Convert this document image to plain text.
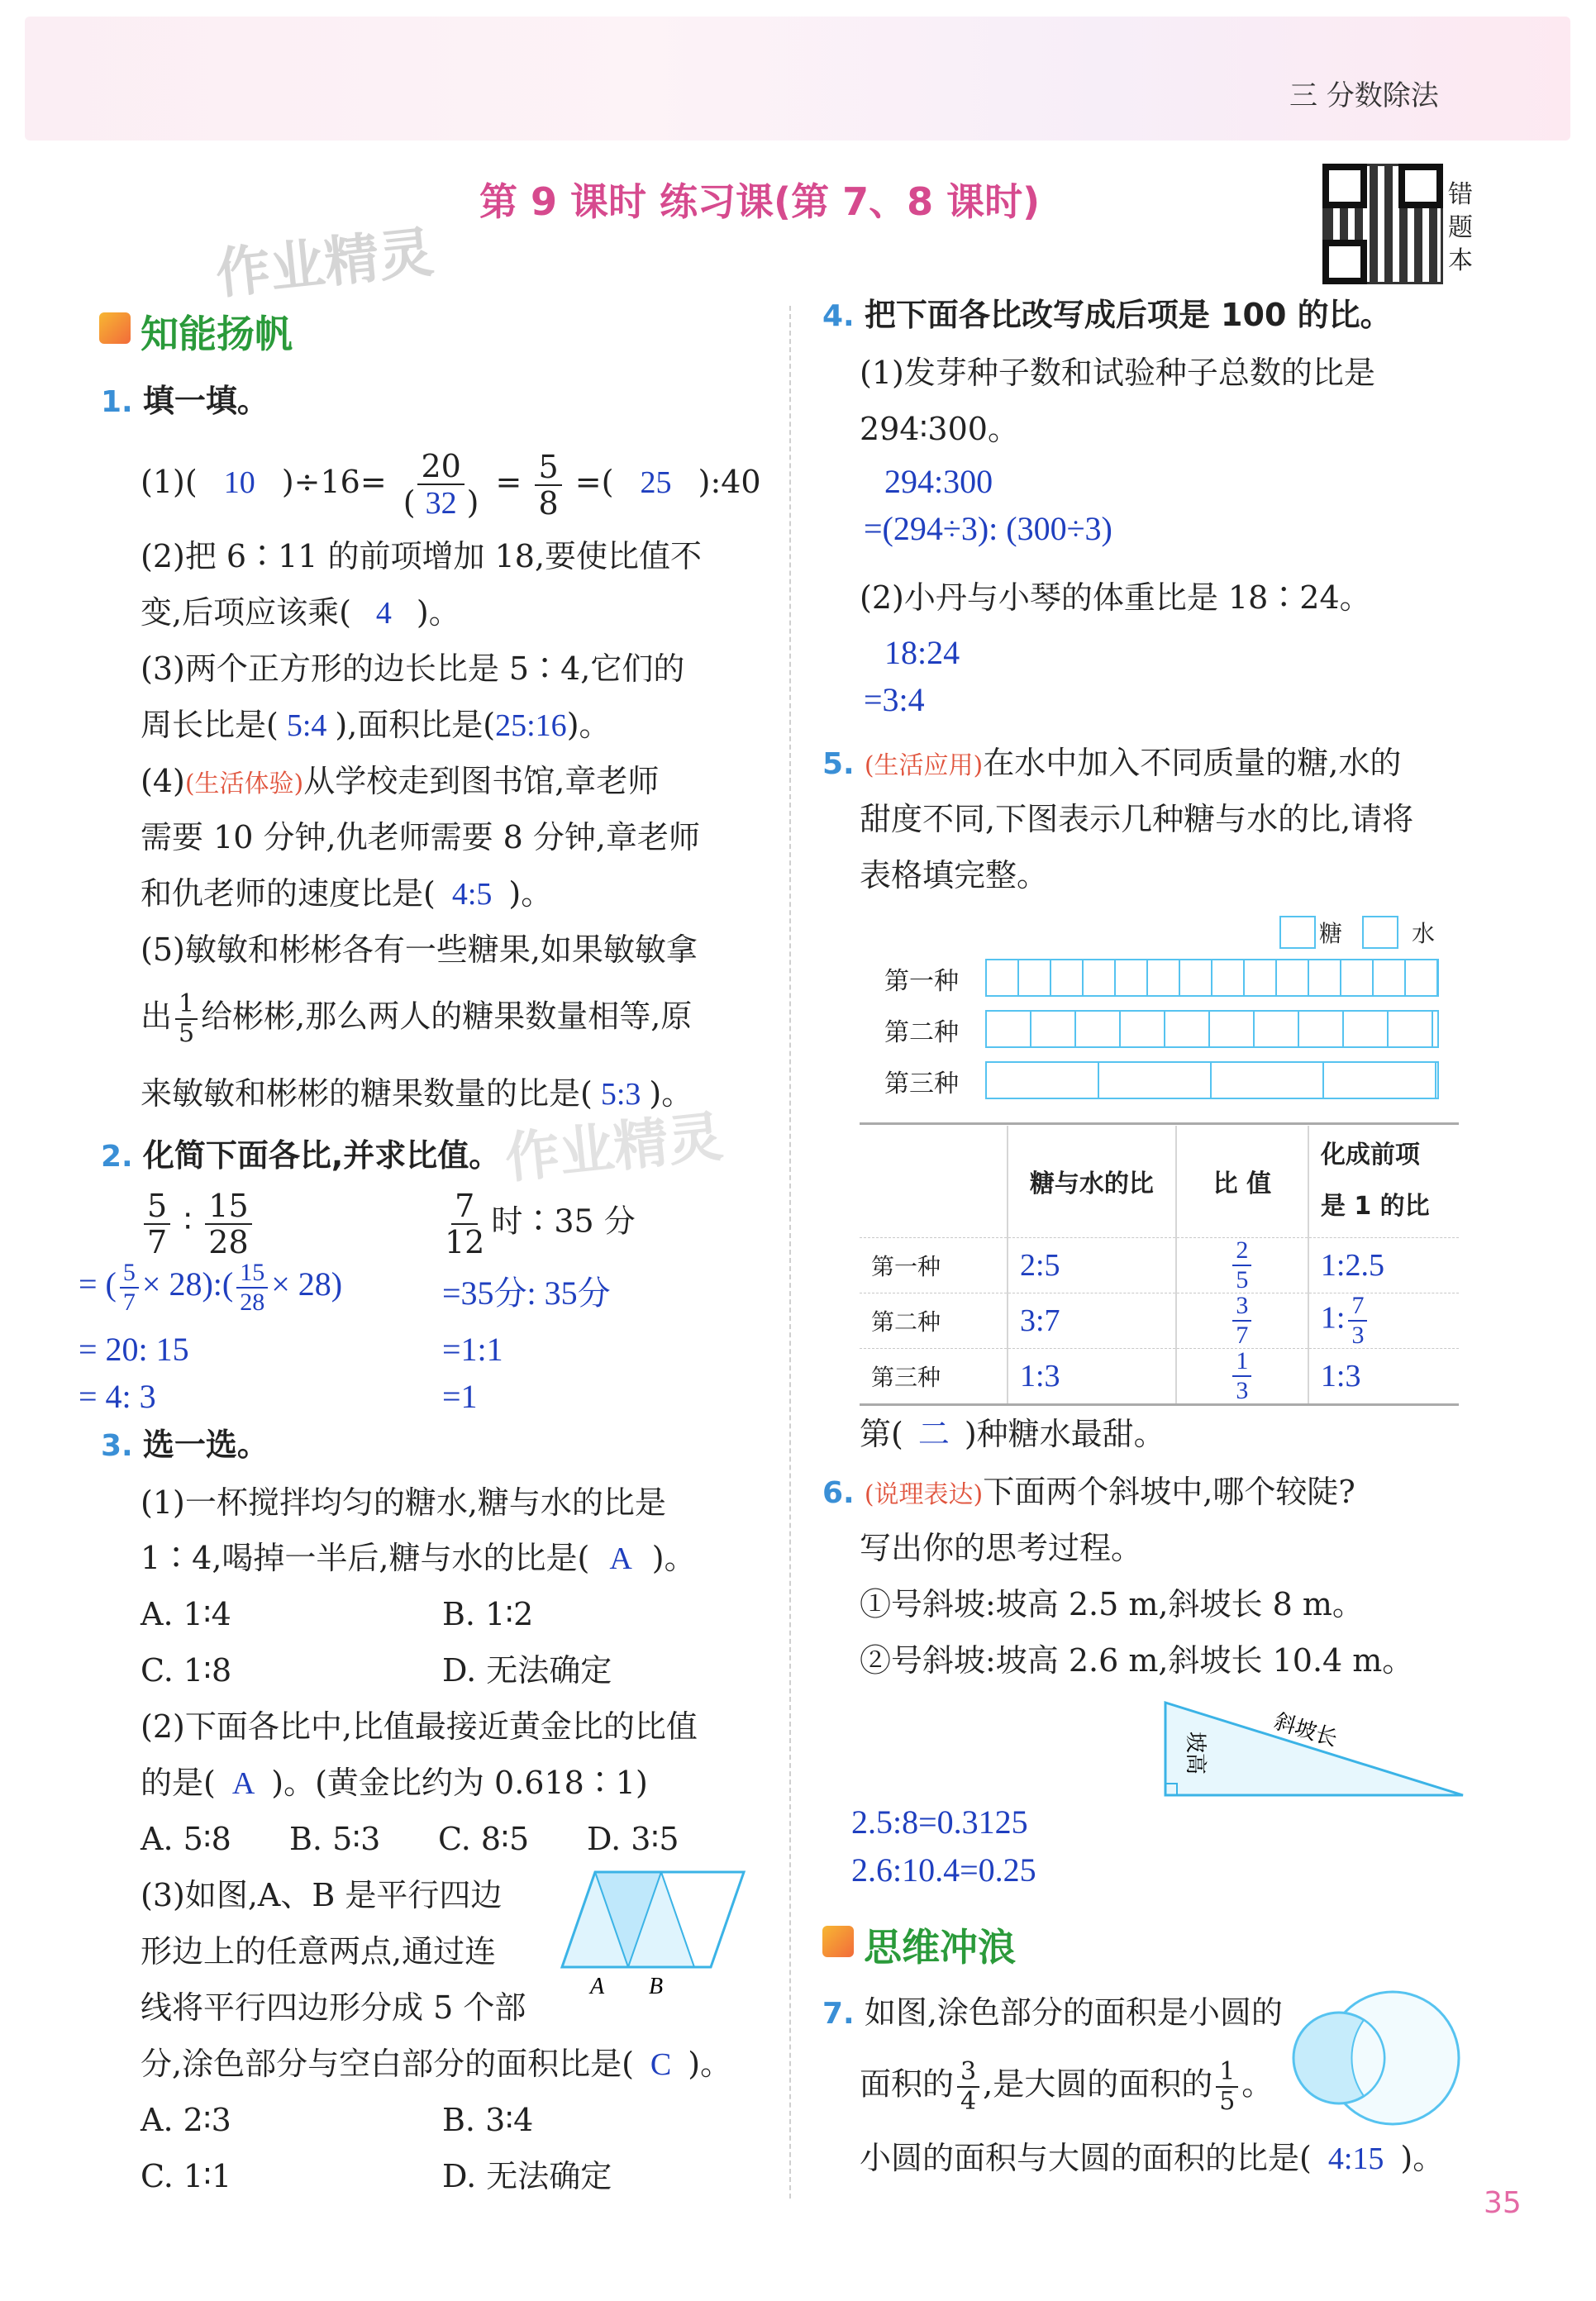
三 分数除法
第 9 课时 练习课(第 7、8 课时)	错
题
本
作业精灵
作业精灵
知能扬帆
1. 填一填。
(1)( 10 )$\div 16= \frac{20}{( 32 )} = \frac{5}{8}$ =( 25 ):40
(2)把 6∶11 的前项增加 18,要使比值不
变,后项应该乘( 4 )。
(3)两个正方形的边长比是 5∶4,它们的
周长比是( 5:4 ),面积比是(25:16)。
(4)(生活体验)从学校走到图书馆,章老师
需要 10 分钟,仇老师需要 8 分钟,章老师
和仇老师的速度比是( 4:5 )。
(5)敏敏和彬彬各有一些糖果,如果敏敏拿
出 $\frac{1}{5}$ 给彬彬,那么两人的糖果数量相等,原
来敏敏和彬彬的糖果数量的比是( 5:3 )。
2. 化简下面各比,并求比值。
$\frac{5}{7}$ ∶ $\frac{15}{28}$
= ( $\frac{5}{7}$ × 28):( $\frac{15}{28} \times 28$)
= 20: 15
= 4: 3
$\frac{7}{12}$ 时∶35 分
=35分: 35分
=1:1
=1
3. 选一选。
(1)一杯搅拌均匀的糖水,糖与水的比是
1∶4,喝掉一半后,糖与水的比是( A )。
A. 1∶4	B. 1∶2
C. 1∶8	D. 无法确定
(2)下面各比中,比值最接近黄金比的比值
的是( A )。(黄金比约为 0.618∶1)
A. 5∶8 B. 5∶3 C. 8∶5 D. 3∶5
(3)如图,A、B 是平行四边
形边上的任意两点,通过连
线将平行四边形分成 5 个部
分,涂色部分与空白部分的面积比是( C )。
A B
A. 2∶3	B. 3∶4
C. 1∶1	D. 无法确定
4. 把下面各比改写成后项是 100 的比。
(1)发芽种子数和试验种子总数的比是
294∶300。
294:300
=(294÷3): (300÷3)
(2)小丹与小琴的体重比是 18∶24。
18:24
=3:4
5. (生活应用)在水中加入不同质量的糖,水的
甜度不同,下图表示几种糖与水的比,请将
表格填完整。
糖	水
第一种
第二种
第三种
	糖与水的比	比 值	化成前项
是 1 的比
第一种	2:5	$\frac{2}{5}$	1:2.5
第二种	3:7	$\frac{3}{7}$	1: $\frac{7}{3}$

第三种	1:3	$\frac{1}{3}$	1:3
第( 二 )种糖水最甜。
6. (说理表达)下面两个斜坡中,哪个较陡?
写出你的思考过程。
①号斜坡:坡高 2.5 m,斜坡长 8 m。
②号斜坡:坡高 2.6 m,斜坡长 10.4 m。
坡高
斜坡长
2.5:8=0.3125
2.6:10.4=0.25
思维冲浪
7. 如图,涂色部分的面积是小圆的
面积的 $\frac{3}{4}$ ,是大圆的面积的 $\frac{1}{5}$ 。
小圆的面积与大圆的面积的比是( 4:15 )。
35
